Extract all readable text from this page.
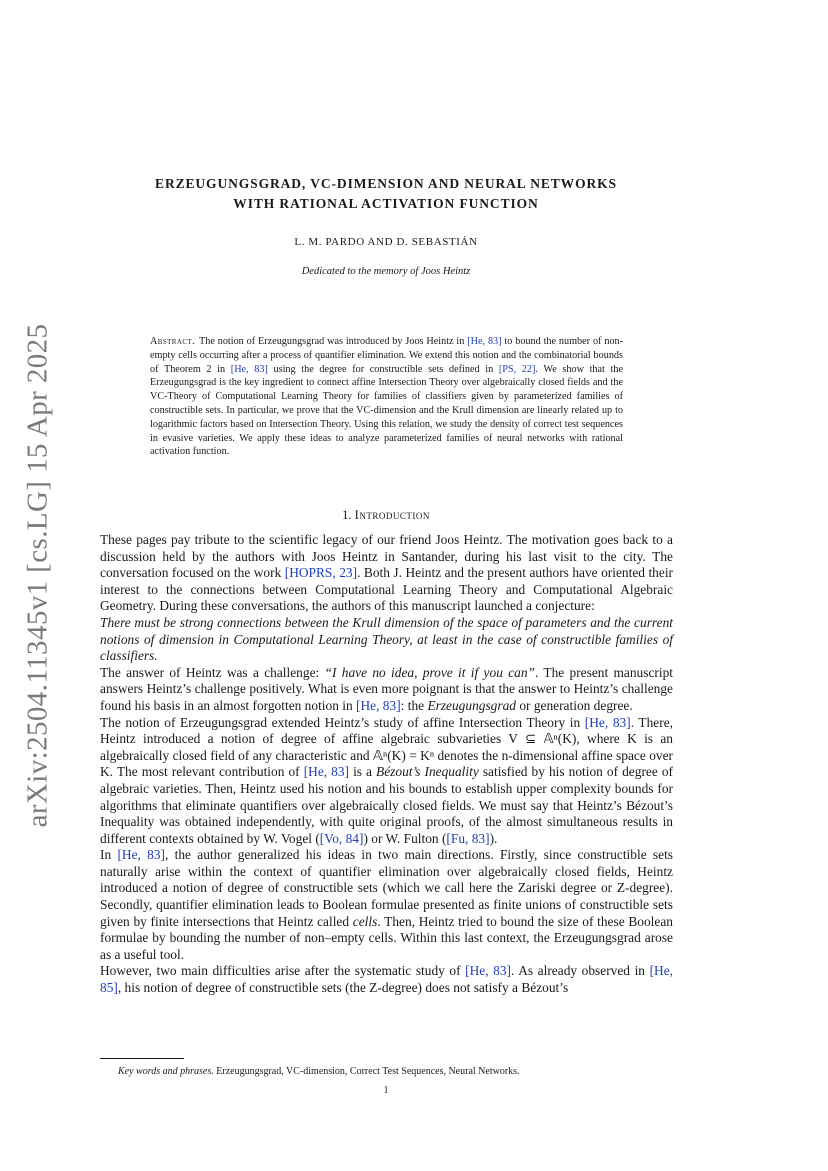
arXiv:2504.11345v1 [cs.LG] 15 Apr 2025
ERZEUGUNGSGRAD, VC-DIMENSION AND NEURAL NETWORKS
WITH RATIONAL ACTIVATION FUNCTION
L. M. PARDO AND D. SEBASTIÁN
Dedicated to the memory of Joos Heintz
Abstract. The notion of Erzeugungsgrad was introduced by Joos Heintz in [He, 83] to bound the number of non-empty cells occurring after a process of quantifier elimination. We extend this notion and the combinatorial bounds of Theorem 2 in [He, 83] using the degree for constructible sets defined in [PS, 22]. We show that the Erzeugungsgrad is the key ingredient to connect affine Intersection Theory over algebraically closed fields and the VC-Theory of Computational Learning Theory for families of classifiers given by parameterized families of constructible sets. In particular, we prove that the VC-dimension and the Krull dimension are linearly related up to logarithmic factors based on Intersection Theory. Using this relation, we study the density of correct test sequences in evasive varieties. We apply these ideas to analyze parameterized families of neural networks with rational activation function.
1. Introduction

These pages pay tribute to the scientific legacy of our friend Joos Heintz. The motivation goes back to a discussion held by the authors with Joos Heintz in Santander, during his last visit to the city. The conversation focused on the work [HOPRS, 23]. Both J. Heintz and the present authors have oriented their interest to the connections between Computational Learning Theory and Computational Algebraic Geometry. During these conversations, the authors of this manuscript launched a conjecture:

There must be strong connections between the Krull dimension of the space of parameters and the current notions of dimension in Computational Learning Theory, at least in the case of constructible families of classifiers.

The answer of Heintz was a challenge: “I have no idea, prove it if you can”. The present manuscript answers Heintz’s challenge positively. What is even more poignant is that the answer to Heintz’s challenge found his basis in an almost forgotten notion in [He, 83]: the Erzeugungsgrad or generation degree.

The notion of Erzeugungsgrad extended Heintz’s study of affine Intersection Theory in [He, 83]. There, Heintz introduced a notion of degree of affine algebraic subvarieties V ⊆ 𝔸ⁿ(K), where K is an algebraically closed field of any characteristic and 𝔸ⁿ(K) = Kⁿ denotes the n-dimensional affine space over K. The most relevant contribution of [He, 83] is a Bézout’s Inequality satisfied by his notion of degree of algebraic varieties. Then, Heintz used his notion and his bounds to establish upper complexity bounds for algorithms that eliminate quantifiers over algebraically closed fields. We must say that Heintz’s Bézout’s Inequality was obtained independently, with quite original proofs, of the almost simultaneous results in different contexts obtained by W. Vogel ([Vo, 84]) or W. Fulton ([Fu, 83]).

In [He, 83], the author generalized his ideas in two main directions. Firstly, since constructible sets naturally arise within the context of quantifier elimination over algebraically closed fields, Heintz introduced a notion of degree of constructible sets (which we call here the Zariski degree or Z-degree). Secondly, quantifier elimination leads to Boolean formulae presented as finite unions of constructible sets given by finite intersections that Heintz called cells. Then, Heintz tried to bound the size of these Boolean formulae by bounding the number of non–empty cells. Within this last context, the Erzeugungsgrad arose as a useful tool.

However, two main difficulties arise after the systematic study of [He, 83]. As already observed in [He, 85], his notion of degree of constructible sets (the Z-degree) does not satisfy a Bézout’s

Key words and phrases. Erzeugungsgrad, VC-dimension, Correct Test Sequences, Neural Networks.
1
